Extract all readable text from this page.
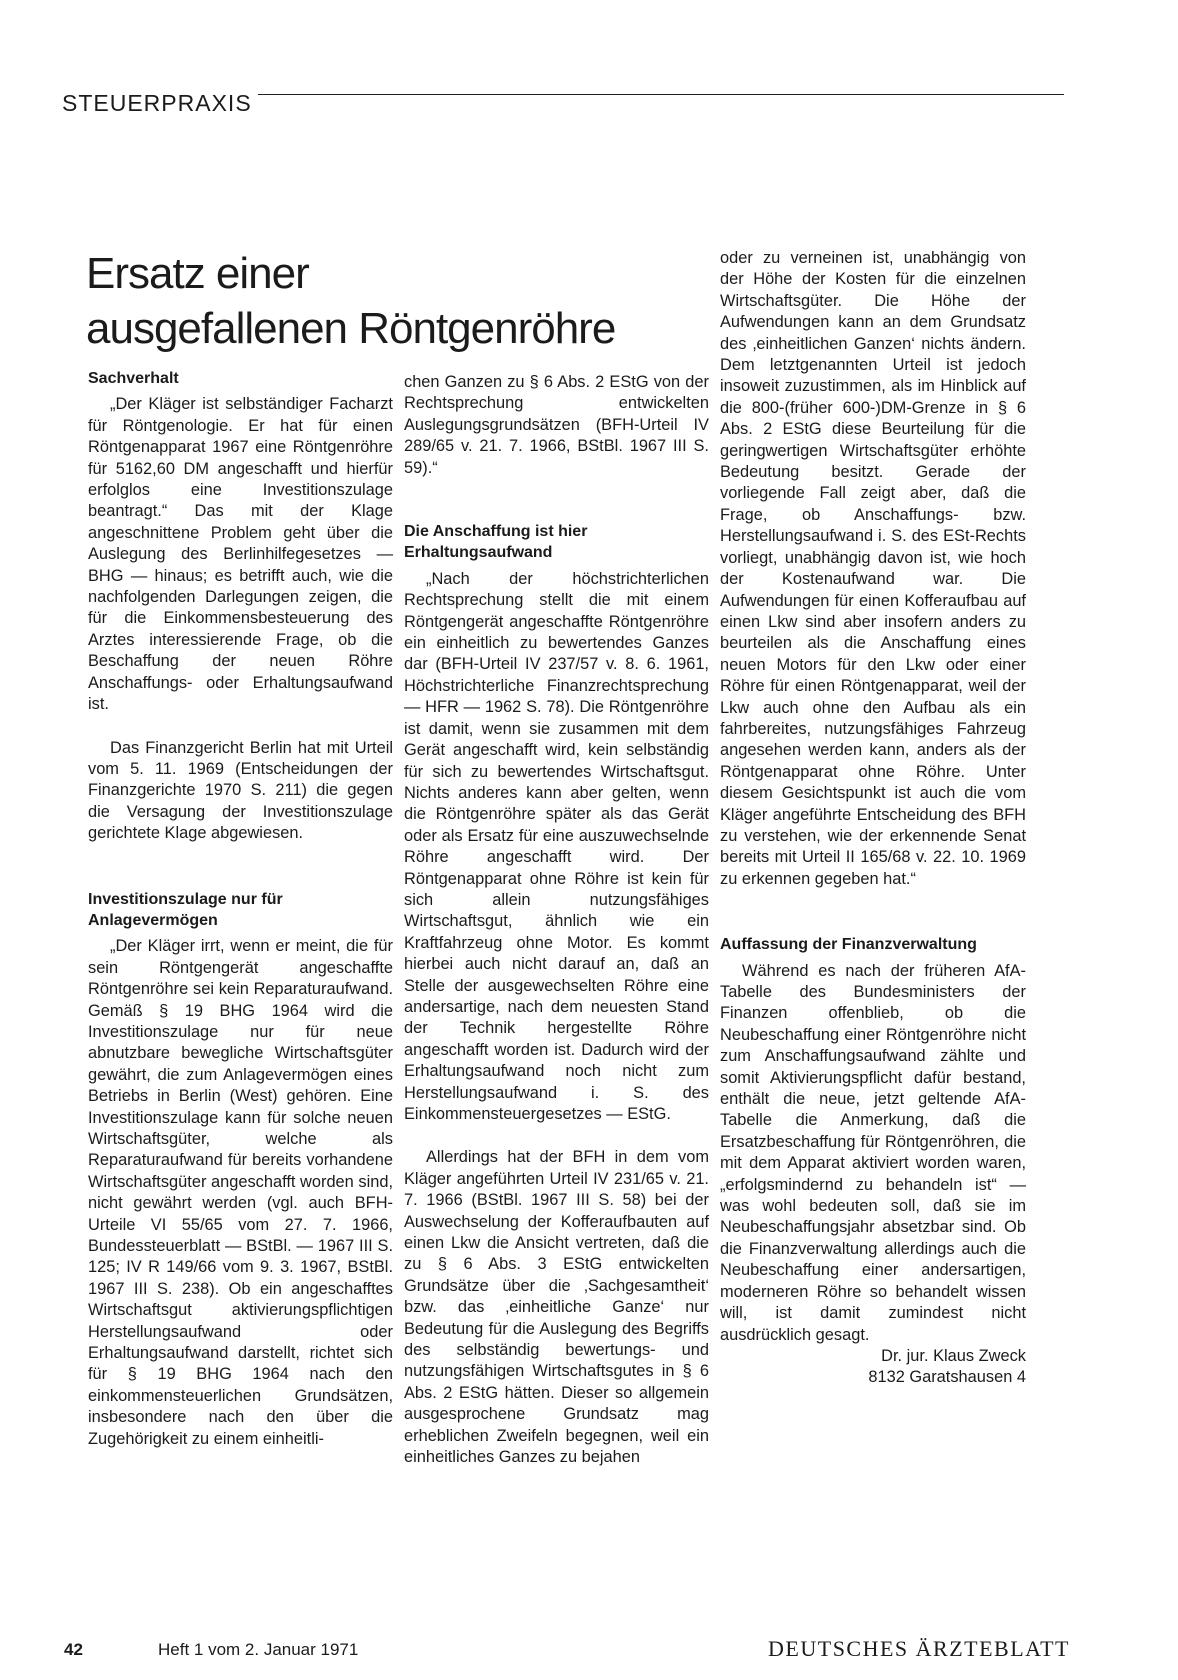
STEUERPRAXIS
Ersatz einer
ausgefallenen Röntgenröhre
Sachverhalt

„Der Kläger ist selbständiger Facharzt für Röntgenologie. Er hat für einen Röntgenapparat 1967 eine Röntgenröhre für 5162,60 DM angeschafft und hierfür erfolglos eine Investitionszulage beantragt.“ Das mit der Klage angeschnittene Problem geht über die Auslegung des Berlinhilfegesetzes — BHG — hinaus; es betrifft auch, wie die nachfolgenden Darlegungen zeigen, die für die Einkommensbesteuerung des Arztes interessierende Frage, ob die Beschaffung der neuen Röhre Anschaffungs- oder Erhaltungsaufwand ist.

Das Finanzgericht Berlin hat mit Urteil vom 5. 11. 1969 (Entscheidungen der Finanzgerichte 1970 S. 211) die gegen die Versagung der Investitionszulage gerichtete Klage abgewiesen.

Investitionszulage nur für Anlagevermögen

„Der Kläger irrt, wenn er meint, die für sein Röntgengerät angeschaffte Röntgenröhre sei kein Reparaturaufwand. Gemäß § 19 BHG 1964 wird die Investitionszulage nur für neue abnutzbare bewegliche Wirtschaftsgüter gewährt, die zum Anlagevermögen eines Betriebs in Berlin (West) gehören. Eine Investitionszulage kann für solche neuen Wirtschaftsgüter, welche als Reparaturaufwand für bereits vorhandene Wirtschaftsgüter angeschafft worden sind, nicht gewährt werden (vgl. auch BFH-Urteile VI 55/65 vom 27. 7. 1966, Bundessteuerblatt — BStBl. — 1967 III S. 125; IV R 149/66 vom 9. 3. 1967, BStBl. 1967 III S. 238). Ob ein angeschafftes Wirtschaftsgut aktivierungspflichtigen Herstellungsaufwand oder Erhaltungsaufwand darstellt, richtet sich für § 19 BHG 1964 nach den einkommensteuerlichen Grundsätzen, insbesondere nach den über die Zugehörigkeit zu einem einheitli-

chen Ganzen zu § 6 Abs. 2 EStG von der Rechtsprechung entwickelten Auslegungsgrundsätzen (BFH-Urteil IV 289/65 v. 21. 7. 1966, BStBl. 1967 III S. 59).“

Die Anschaffung ist hier Erhaltungsaufwand

„Nach der höchstrichterlichen Rechtsprechung stellt die mit einem Röntgengerät angeschaffte Röntgenröhre ein einheitlich zu bewertendes Ganzes dar (BFH-Urteil IV 237/57 v. 8. 6. 1961, Höchstrichterliche Finanzrechtsprechung — HFR — 1962 S. 78). Die Röntgenröhre ist damit, wenn sie zusammen mit dem Gerät angeschafft wird, kein selbständig für sich zu bewertendes Wirtschaftsgut. Nichts anderes kann aber gelten, wenn die Röntgenröhre später als das Gerät oder als Ersatz für eine auszuwechselnde Röhre angeschafft wird. Der Röntgenapparat ohne Röhre ist kein für sich allein nutzungsfähiges Wirtschaftsgut, ähnlich wie ein Kraftfahrzeug ohne Motor. Es kommt hierbei auch nicht darauf an, daß an Stelle der ausgewechselten Röhre eine andersartige, nach dem neuesten Stand der Technik hergestellte Röhre angeschafft worden ist. Dadurch wird der Erhaltungsaufwand noch nicht zum Herstellungsaufwand i. S. des Einkommensteuergesetzes — EStG.

Allerdings hat der BFH in dem vom Kläger angeführten Urteil IV 231/65 v. 21. 7. 1966 (BStBl. 1967 III S. 58) bei der Auswechselung der Kofferaufbauten auf einen Lkw die Ansicht vertreten, daß die zu § 6 Abs. 3 EStG entwickelten Grundsätze über die ‚Sachgesamtheit‘ bzw. das ‚einheitliche Ganze‘ nur Bedeutung für die Auslegung des Begriffs des selbständig bewertungs- und nutzungsfähigen Wirtschaftsgutes in § 6 Abs. 2 EStG hätten. Dieser so allgemein ausgesprochene Grundsatz mag erheblichen Zweifeln begegnen, weil ein einheitliches Ganzes zu bejahen

oder zu verneinen ist, unabhängig von der Höhe der Kosten für die einzelnen Wirtschaftsgüter. Die Höhe der Aufwendungen kann an dem Grundsatz des ‚einheitlichen Ganzen‘ nichts ändern. Dem letztgenannten Urteil ist jedoch insoweit zuzustimmen, als im Hinblick auf die 800-(früher 600-)DM-Grenze in § 6 Abs. 2 EStG diese Beurteilung für die geringwertigen Wirtschaftsgüter erhöhte Bedeutung besitzt. Gerade der vorliegende Fall zeigt aber, daß die Frage, ob Anschaffungs- bzw. Herstellungsaufwand i. S. des ESt-Rechts vorliegt, unabhängig davon ist, wie hoch der Kostenaufwand war. Die Aufwendungen für einen Kofferaufbau auf einen Lkw sind aber insofern anders zu beurteilen als die Anschaffung eines neuen Motors für den Lkw oder einer Röhre für einen Röntgenapparat, weil der Lkw auch ohne den Aufbau als ein fahrbereites, nutzungsfähiges Fahrzeug angesehen werden kann, anders als der Röntgenapparat ohne Röhre. Unter diesem Gesichtspunkt ist auch die vom Kläger angeführte Entscheidung des BFH zu verstehen, wie der erkennende Senat bereits mit Urteil II 165/68 v. 22. 10. 1969 zu erkennen gegeben hat.“

Auffassung der Finanzverwaltung

Während es nach der früheren AfA-Tabelle des Bundesministers der Finanzen offenblieb, ob die Neubeschaffung einer Röntgenröhre nicht zum Anschaffungsaufwand zählte und somit Aktivierungspflicht dafür bestand, enthält die neue, jetzt geltende AfA-Tabelle die Anmerkung, daß die Ersatzbeschaffung für Röntgenröhren, die mit dem Apparat aktiviert worden waren, „erfolgsmindernd zu behandeln ist“ — was wohl bedeuten soll, daß sie im Neubeschaffungsjahr absetzbar sind. Ob die Finanzverwaltung allerdings auch die Neubeschaffung einer andersartigen, moderneren Röhre so behandelt wissen will, ist damit zumindest nicht ausdrücklich gesagt.

Dr. jur. Klaus Zweck

8132 Garatshausen 4

42	Heft 1 vom 2. Januar 1971	DEUTSCHES ÄRZTEBLATT
